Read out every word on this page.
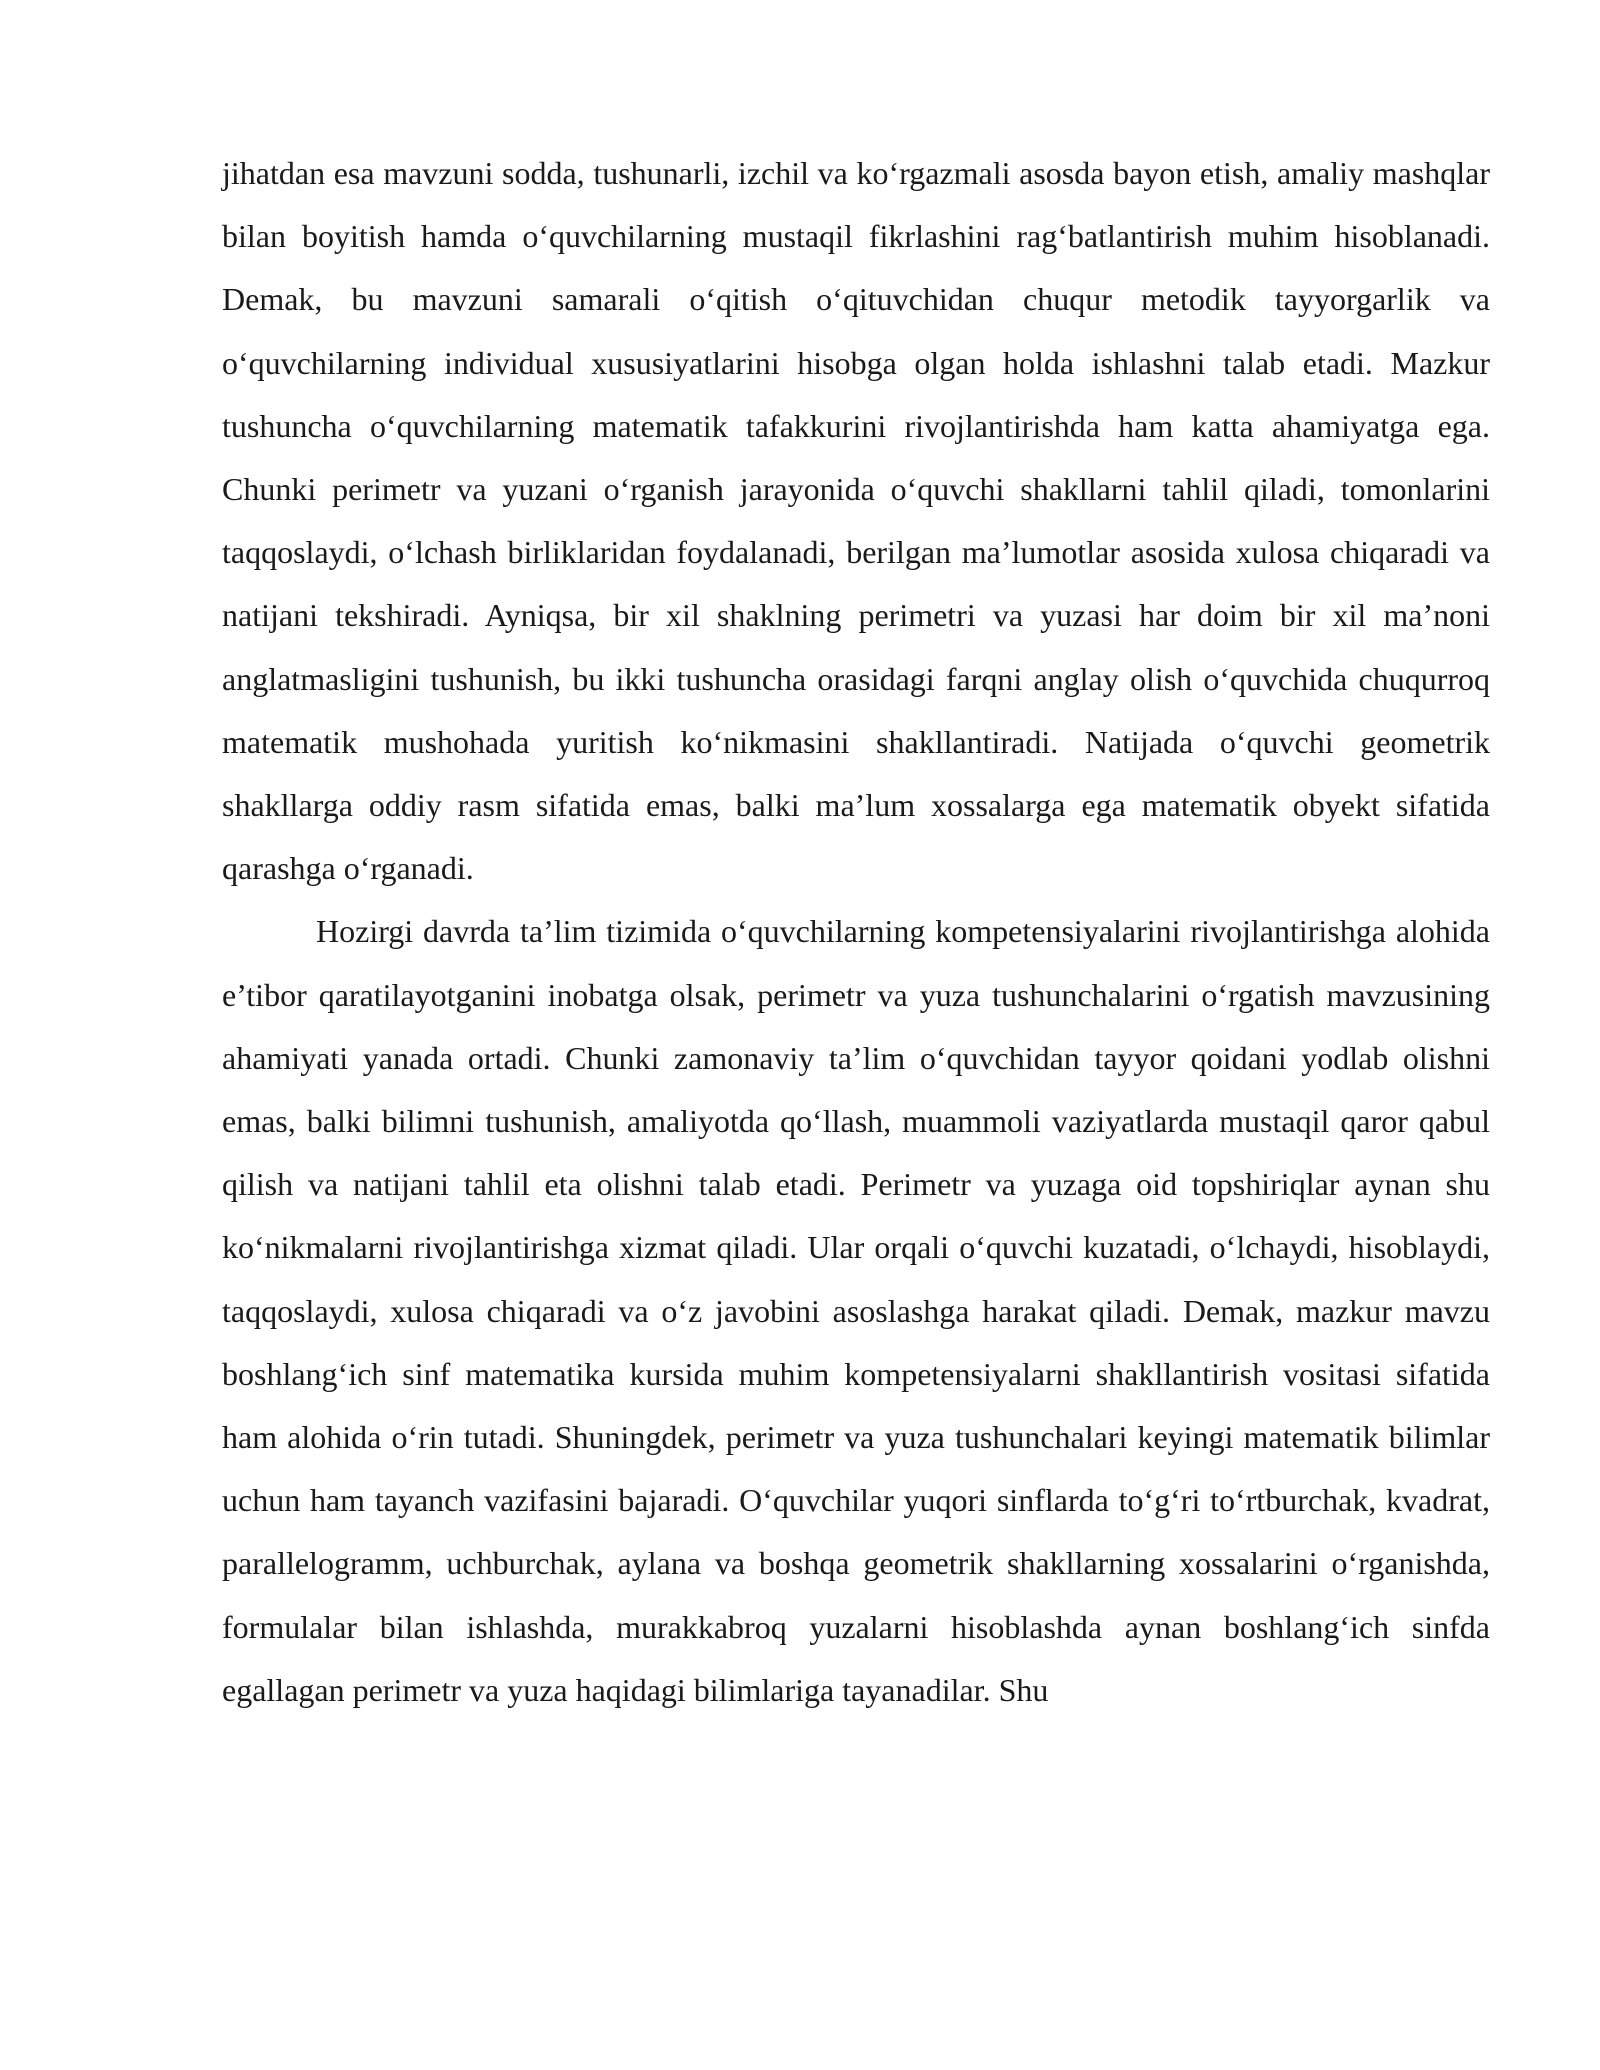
jihatdan esa mavzuni sodda, tushunarli, izchil va ko‘rgazmali asosda bayon etish, amaliy mashqlar bilan boyitish hamda o‘quvchilarning mustaqil fikrlashini rag‘batlantirish muhim hisoblanadi. Demak, bu mavzuni samarali o‘qitish o‘qituvchidan chuqur metodik tayyorgarlik va o‘quvchilarning individual xususiyatlarini hisobga olgan holda ishlashni talab etadi. Mazkur tushuncha o‘quvchilarning matematik tafakkurini rivojlantirishda ham katta ahamiyatga ega. Chunki perimetr va yuzani o‘rganish jarayonida o‘quvchi shakllarni tahlil qiladi, tomonlarini taqqoslaydi, o‘lchash birliklaridan foydalanadi, berilgan ma’lumotlar asosida xulosa chiqaradi va natijani tekshiradi. Ayniqsa, bir xil shaklning perimetri va yuzasi har doim bir xil ma’noni anglatmasligini tushunish, bu ikki tushuncha orasidagi farqni anglay olish o‘quvchida chuqurroq matematik mushohada yuritish ko‘nikmasini shakllantiradi. Natijada o‘quvchi geometrik shakllarga oddiy rasm sifatida emas, balki ma’lum xossalarga ega matematik obyekt sifatida qarashga o‘rganadi.

Hozirgi davrda ta’lim tizimida o‘quvchilarning kompetensiyalarini rivojlantirishga alohida e’tibor qaratilayotganini inobatga olsak, perimetr va yuza tushunchalarini o‘rgatish mavzusining ahamiyati yanada ortadi. Chunki zamonaviy ta’lim o‘quvchidan tayyor qoidani yodlab olishni emas, balki bilimni tushunish, amaliyotda qo‘llash, muammoli vaziyatlarda mustaqil qaror qabul qilish va natijani tahlil eta olishni talab etadi. Perimetr va yuzaga oid topshiriqlar aynan shu ko‘nikmalarni rivojlantirishga xizmat qiladi. Ular orqali o‘quvchi kuzatadi, o‘lchaydi, hisoblaydi, taqqoslaydi, xulosa chiqaradi va o‘z javobini asoslashga harakat qiladi. Demak, mazkur mavzu boshlang‘ich sinf matematika kursida muhim kompetensiyalarni shakllantirish vositasi sifatida ham alohida o‘rin tutadi. Shuningdek, perimetr va yuza tushunchalari keyingi matematik bilimlar uchun ham tayanch vazifasini bajaradi. O‘quvchilar yuqori sinflarda to‘g‘ri to‘rtburchak, kvadrat, parallelogramm, uchburchak, aylana va boshqa geometrik shakllarning xossalarini o‘rganishda, formulalar bilan ishlashda, murakkabroq yuzalarni hisoblashda aynan boshlang‘ich sinfda egallagan perimetr va yuza haqidagi bilimlariga tayanadilar. Shu
